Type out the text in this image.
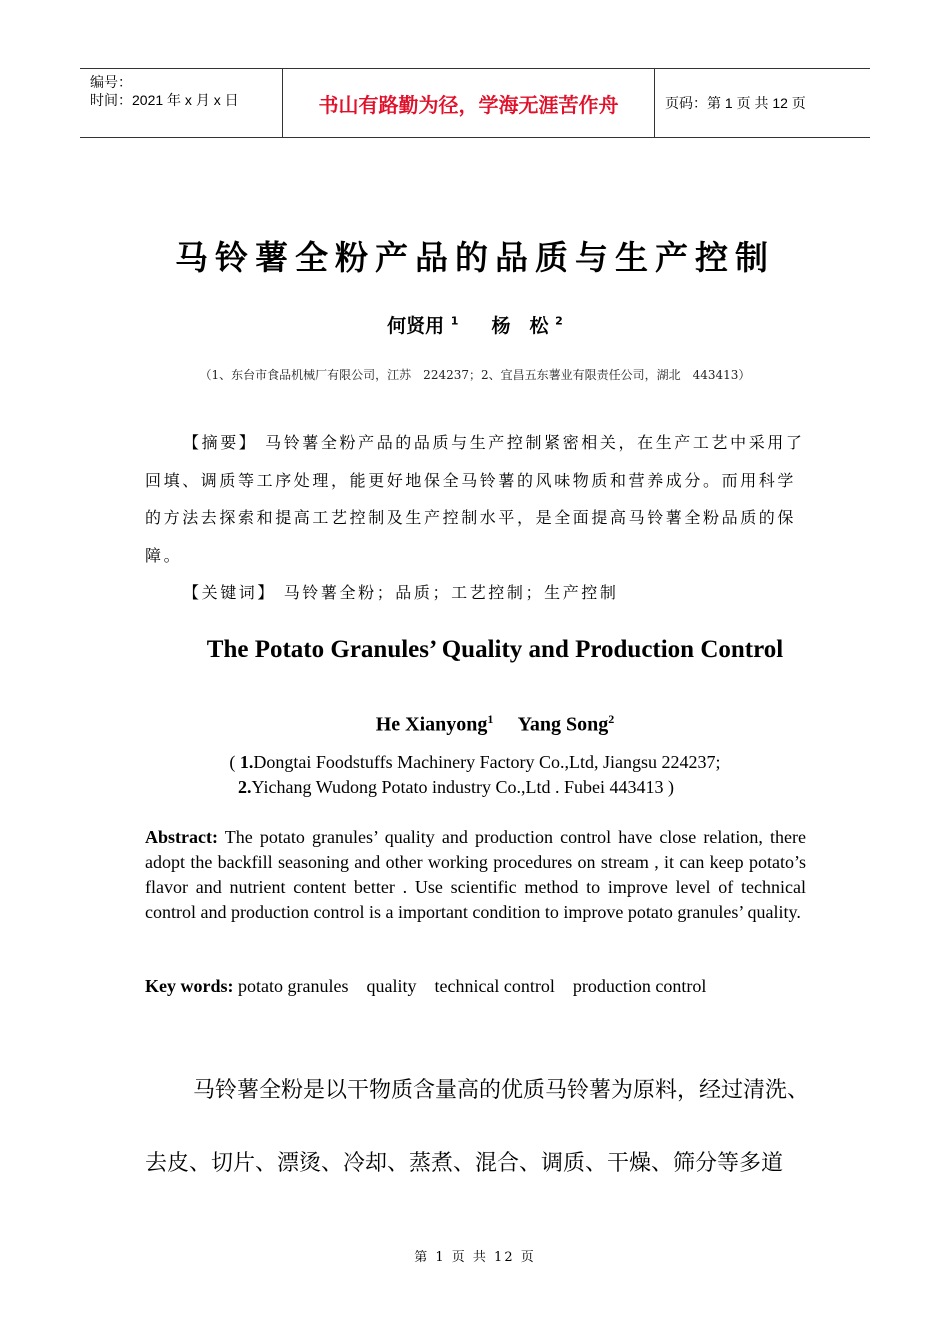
编号：
时间：2021 年 x 月 x 日	书山有路勤为径，学海无涯苦作舟	页码：第 1 页 共 12 页
马铃薯全粉产品的品质与生产控制
何贤用 $^1$ 杨　松 $^2$
（1、东台市食品机械厂有限公司，江苏　224237；2、宜昌五东薯业有限责任公司，湖北　443413）

【摘要】 马铃薯全粉产品的品质与生产控制紧密相关，在生产工艺中采用了回填、调质等工序处理，能更好地保全马铃薯的风味物质和营养成分。而用科学的方法去探索和提高工艺控制及生产控制水平，是全面提高马铃薯全粉品质的保障。

【关键词】 马铃薯全粉；品质；工艺控制；生产控制

The Potato Granules’ Quality and Production Control
He Xianyong$^1$ Yang Song$^2$
( 1.Dongtai Foodstuffs Machinery Factory Co.,Ltd, Jiangsu 224237;
2.Yichang Wudong Potato industry Co.,Ltd . Fubei 443413 )

Abstract: The potato granules’ quality and production control have close relation, there adopt the backfill seasoning and other working procedures on stream , it can keep potato’s flavor and nutrient content better . Use scientific method to improve level of technical control and production control is a important condition to improve potato granules’ quality.

Key words: potato granules    quality    technical control    production control

马铃薯全粉是以干物质含量高的优质马铃薯为原料，经过清洗、
去皮、切片、漂烫、冷却、蒸煮、混合、调质、干燥、筛分等多道
第 1 页 共 12 页
